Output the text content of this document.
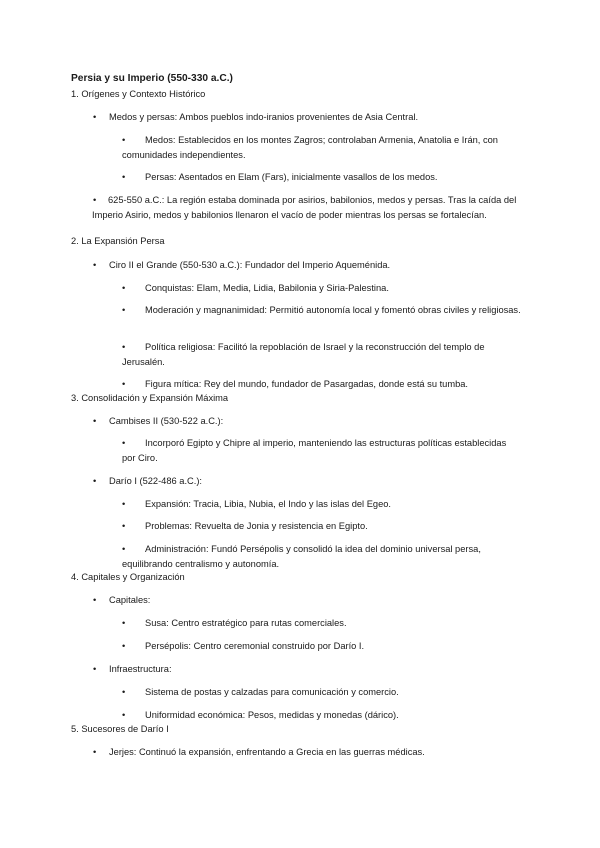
Persia y su Imperio (550-330 a.C.)
1. Orígenes y Contexto Histórico
•
Medos y persas: Ambos pueblos indo-iranios provenientes de Asia Central.
•
Medos: Establecidos en los montes Zagros; controlaban Armenia, Anatolia e Irán, con comunidades independientes.
•
Persas: Asentados en Elam (Fars), inicialmente vasallos de los medos.
•
625-550 a.C.: La región estaba dominada por asirios, babilonios, medos y persas. Tras la caída del Imperio Asirio, medos y babilonios llenaron el vacío de poder mientras los persas se fortalecían.
2. La Expansión Persa
•
Ciro II el Grande (550-530 a.C.): Fundador del Imperio Aqueménida.
•
Conquistas: Elam, Media, Lidia, Babilonia y Siria-Palestina.
•
Moderación y magnanimidad: Permitió autonomía local y fomentó obras civiles y religiosas.
•
Política religiosa: Facilitó la repoblación de Israel y la reconstrucción del templo de Jerusalén.
•
Figura mítica: Rey del mundo, fundador de Pasargadas, donde está su tumba.
3. Consolidación y Expansión Máxima
•
Cambises II (530-522 a.C.):
•
Incorporó Egipto y Chipre al imperio, manteniendo las estructuras políticas establecidas por Ciro.
•
Darío I (522-486 a.C.):
•
Expansión: Tracia, Libia, Nubia, el Indo y las islas del Egeo.
•
Problemas: Revuelta de Jonia y resistencia en Egipto.
•
Administración: Fundó Persépolis y consolidó la idea del dominio universal persa, equilibrando centralismo y autonomía.
4. Capitales y Organización
•
Capitales:
•
Susa: Centro estratégico para rutas comerciales.
•
Persépolis: Centro ceremonial construido por Darío I.
•
Infraestructura:
•
Sistema de postas y calzadas para comunicación y comercio.
•
Uniformidad económica: Pesos, medidas y monedas (dárico).
5. Sucesores de Darío I
•
Jerjes: Continuó la expansión, enfrentando a Grecia en las guerras médicas.
